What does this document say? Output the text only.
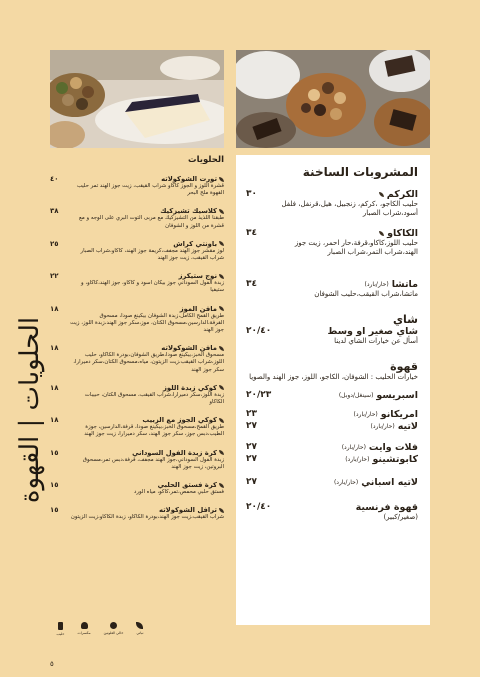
الحلويات | القهوة
الحلويات
تورت الشوكولاته
قشرة اللوز و الجوز كاكاو شراب القيقب، زيت جوز الهند تمر حليب القهوة ملح البحر
٤٠
كلاسيك تشيزكيك
طبقنا اللذيذ من التشيزكيك مع مربى التوت البري على الوجه و مع قشرة من اللوز و الشوفان
٣٨
باونتي كراش
لوز مقشر جوز الهند مجفف،كريمة جوز الهند، كاكاو،شراب الصبار شراب القيقب، زيت جوز الهند
٢٥
نوج ستيكرز
زبدة الفول السوداني جوز بيكان اسود و كاكاو، جوز الهند،كاكاو، و ستيفيا
٢٢
مافن الموز
طريق القمح الكامل،زبدة الشوفان بيكينغ صودا، مسحوق القرفة،الدارسين،مسحوق الكتان، موز،سكر جوز الهند،زبدة اللوز، زيت جوز الهند
١٨
مافن الشوكولاته
مسحوق الخبز،بيكينغ صودا،طريق الشوفان،بودرة الكاكاو، حليب اللوز،شراب القيقب،زيت الزيتون، مياه،مسحوق الكتان،سكر دميرارا، سكر جوز الهند
١٨
كوكي زبدة اللوز
زبدة اللوز،سكر دميرارا،شراب القيقب، مسحوق الكتان، حبيبات الكاكاو
١٨
كوكي الجوز مع الزبيب
طريق القمح،مسحوق الخبز،بيكينغ صودا، قرفة،الدارسين، جوزة الطيب،دبس جوز، سكر جوز الهند، سكر دميرارا، زيت جوز الهند
١٨
كرة زبدة الفول السوداني
زبدة الفول السوداني،جوز الهند مجفف، قرفة،دبس تمر،مسحوق البروتين، زيت جوز الهند
١٥
كرة فستق الحلبي
فستق حلبي محمص،تمر،كاكو، مياه الورد
١٥
ترافل الشوكولاته
شراب القيقب،زيت جوز الهند،بودرة الكاكاو، زبدة الكاكاو،زيت الزيتون
١٥
نباتي
خالي الغلوتين
مكسرات
حليب
٥
المشروبات الساخنة
الكركم
حليب الكاجو، ،كركم، زنجبيل، هيل،قرنفل، فلفل أسود،شراب الصبار
٣٠
الكاكاو
حليب اللوز،كاكاو،قرفة،حار احمر، زيت جوز الهند،شراب التمر،شراب الصبار
٣٤
ماتشا
(حار/بارد)
ماتشا،شراب القيقب،حليب الشوفان
٣٤
شاي
شاي صغير او وسط
أسأل عن خيارات الشاي لدينا
٢٠/٤٠
قهوة
خيارات الحليب : الشوفان، الكاجو، اللوز، جوز الهند والصويا
اسبريسو
(سينغل/دوبل)
٢٠/٢٣
امريكانو
(حار/بارد)
٢٣
لاتيه
(حار/بارد)
٢٧
فلات وايت
(حار/بارد)
٢٧
كابوتشينو
(حار/بارد)
٢٧
لاتيه اسباني
(حار/بارد)
٢٧
قهوة فرنسية
(صغير/كبير)
٢٠/٤٠
